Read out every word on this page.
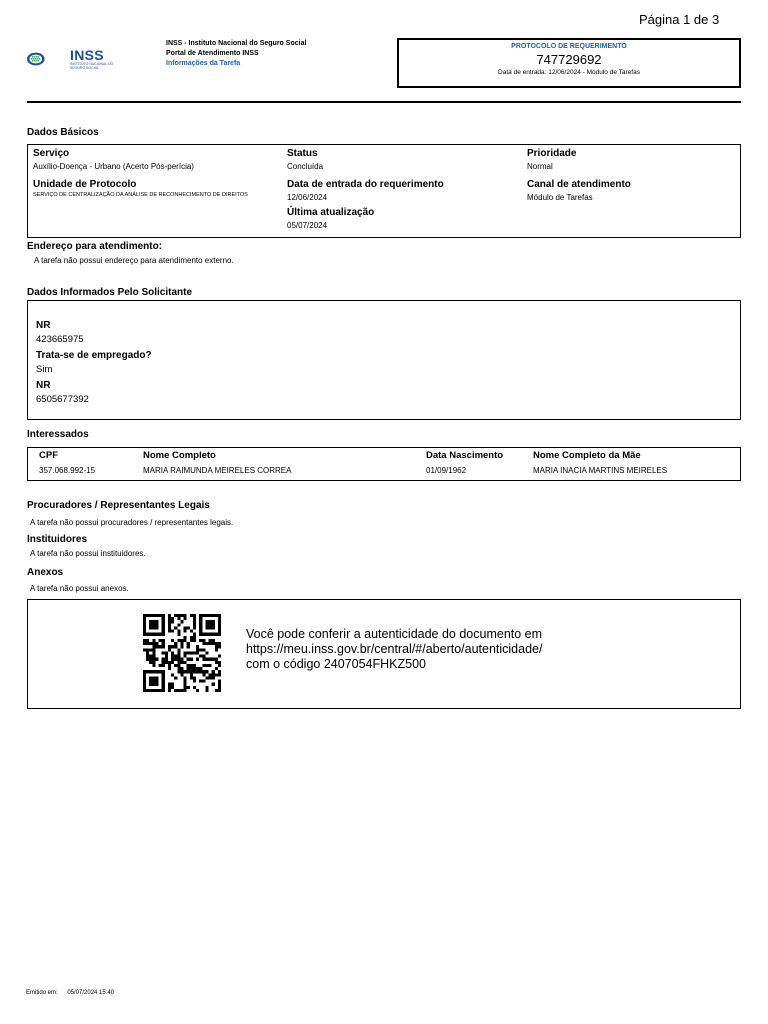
Página 1 de 3
INSS
INSTITUTO NACIONAL DO SEGURO SOCIAL
INSS - Instituto Nacional do Seguro Social
Portal de Atendimento INSS
Informações da Tarefa
PROTOCOLO DE REQUERIMENTO
747729692
Data de entrada: 12/06/2024 - Módulo de Tarefas
Dados Básicos
Serviço
Auxílio-Doença - Urbano (Acerto Pós-perícia)
Unidade de Protocolo
SERVIÇO DE CENTRALIZAÇÃO DA ANÁLISE DE RECONHECIMENTO DE DIREITOS
Status
Concluída
Data de entrada do requerimento
12/06/2024
Última atualização
05/07/2024
Prioridade
Normal
Canal de atendimento
Módulo de Tarefas
Endereço para atendimento:
A tarefa não possui endereço para atendimento externo.
Dados Informados Pelo Solicitante
NR
423665975
Trata-se de empregado?
Sim
NR
6505677392
Interessados
CPF	Nome Completo	Data Nascimento	Nome Completo da Mãe
357.068.992-15	MARIA RAIMUNDA MEIRELES CORREA	01/09/1962	MARIA INACIA MARTINS MEIRELES
Procuradores / Representantes Legais
A tarefa não possui procuradores / representantes legais.
Instituidores
A tarefa não possui instituidores.
Anexos
A tarefa não possui anexos.
Você pode conferir a autenticidade do documento em
https://meu.inss.gov.br/central/#/aberto/autenticidade/
com o código 2407054FHKZ500
Emitido em: 05/07/2024 15:40
